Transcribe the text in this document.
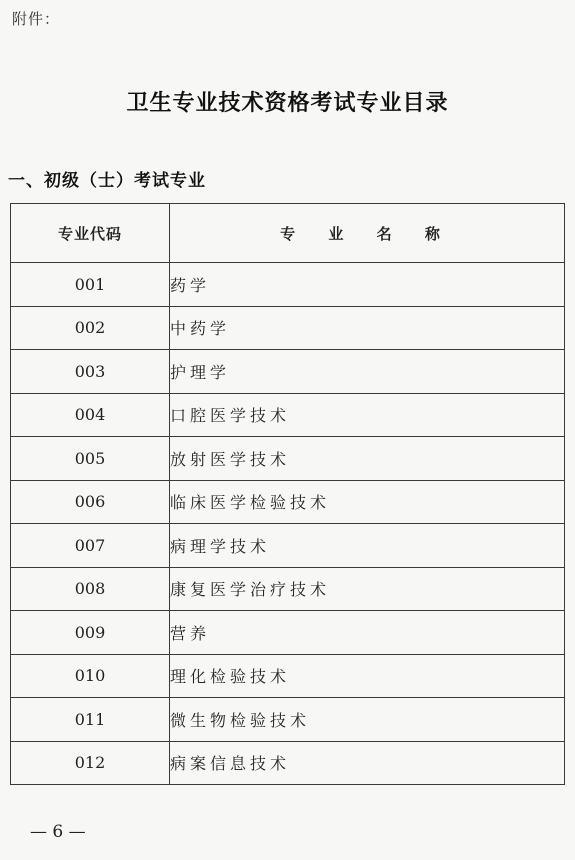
附件：
卫生专业技术资格考试专业目录
一、初级（士）考试专业
专业代码	专 业 名 称
001	药学
002	中药学
003	护理学
004	口腔医学技术
005	放射医学技术
006	临床医学检验技术
007	病理学技术
008	康复医学治疗技术
009	营养
010	理化检验技术
011	微生物检验技术
012	病案信息技术
— 6 —
